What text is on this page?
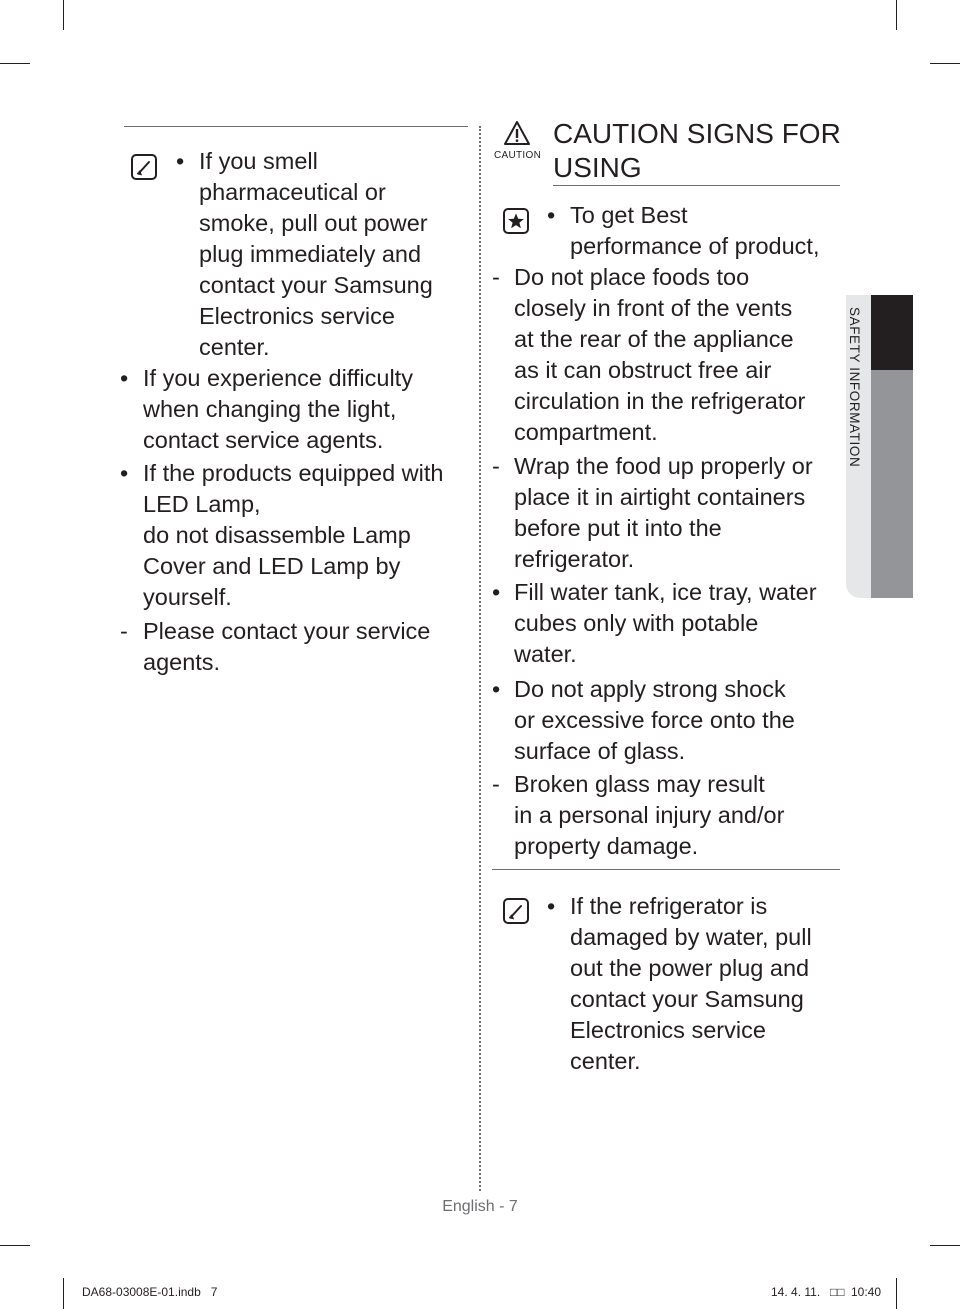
• If you smell
pharmaceutical or
smoke, pull out power
plug immediately and
contact your Samsung
Electronics service
center.
• If you experience difficulty
when changing the light,
contact service agents.
• If the products equipped with
LED Lamp,
do not disassemble Lamp
Cover and LED Lamp by
yourself.
- Please contact your service
agents.
CAUTION
CAUTION SIGNS FOR
USING
• To get Best
performance of product,
- Do not place foods too
closely in front of the vents
at the rear of the appliance
as it can obstruct free air
circulation in the refrigerator
compartment.
- Wrap the food up properly or
place it in airtight containers
before put it into the
refrigerator.
• Fill water tank, ice tray, water
cubes only with potable
water.
• Do not apply strong shock
or excessive force onto the
surface of glass.
- Broken glass may result
in a personal injury and/or
property damage.
• If the refrigerator is
damaged by water, pull
out the power plug and
contact your Samsung
Electronics service
center.
SAFETY INFORMATION
English - 7
DA68-03008E-01.indb   7	14. 4. 11. □□ 10:40
